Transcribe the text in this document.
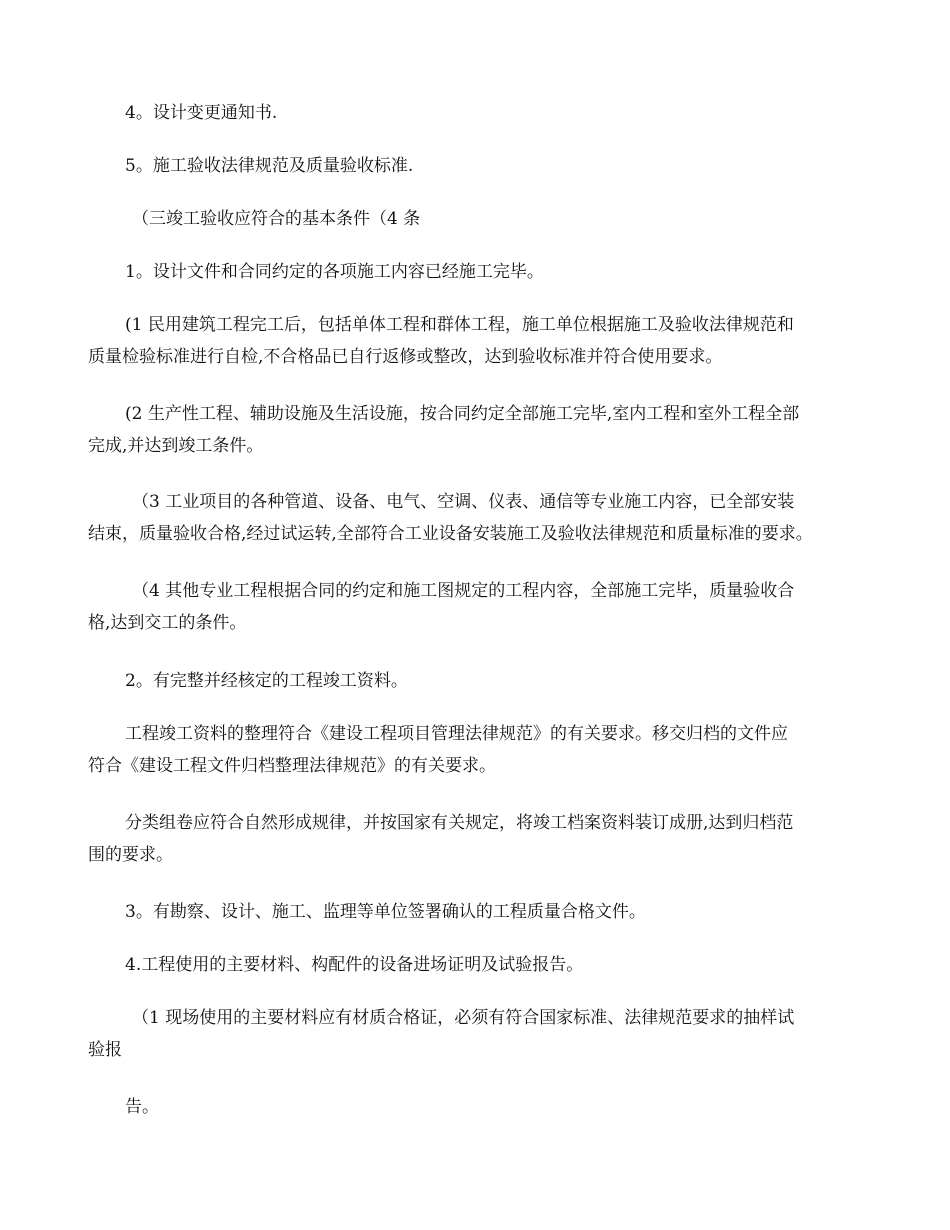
4。设计变更通知书.
5。施工验收法律规范及质量验收标准.
（三竣工验收应符合的基本条件（4 条
1。设计文件和合同约定的各项施工内容已经施工完毕。
(1 民用建筑工程完工后，包括单体工程和群体工程，施工单位根据施工及验收法律规范和
质量检验标准进行自检,不合格品已自行返修或整改，达到验收标准并符合使用要求。
(2 生产性工程、辅助设施及生活设施，按合同约定全部施工完毕,室内工程和室外工程全部
完成,并达到竣工条件。
（3 工业项目的各种管道、设备、电气、空调、仪表、通信等专业施工内容，已全部安装
结束，质量验收合格,经过试运转,全部符合工业设备安装施工及验收法律规范和质量标准的要求。
（4 其他专业工程根据合同的约定和施工图规定的工程内容，全部施工完毕，质量验收合
格,达到交工的条件。
2。有完整并经核定的工程竣工资料。
工程竣工资料的整理符合《建设工程项目管理法律规范》的有关要求。移交归档的文件应
符合《建设工程文件归档整理法律规范》的有关要求。
分类组卷应符合自然形成规律，并按国家有关规定，将竣工档案资料装订成册,达到归档范
围的要求。
3。有勘察、设计、施工、监理等单位签署确认的工程质量合格文件。
4.工程使用的主要材料、构配件的设备进场证明及试验报告。
（1 现场使用的主要材料应有材质合格证，必须有符合国家标准、法律规范要求的抽样试
验报
告。
